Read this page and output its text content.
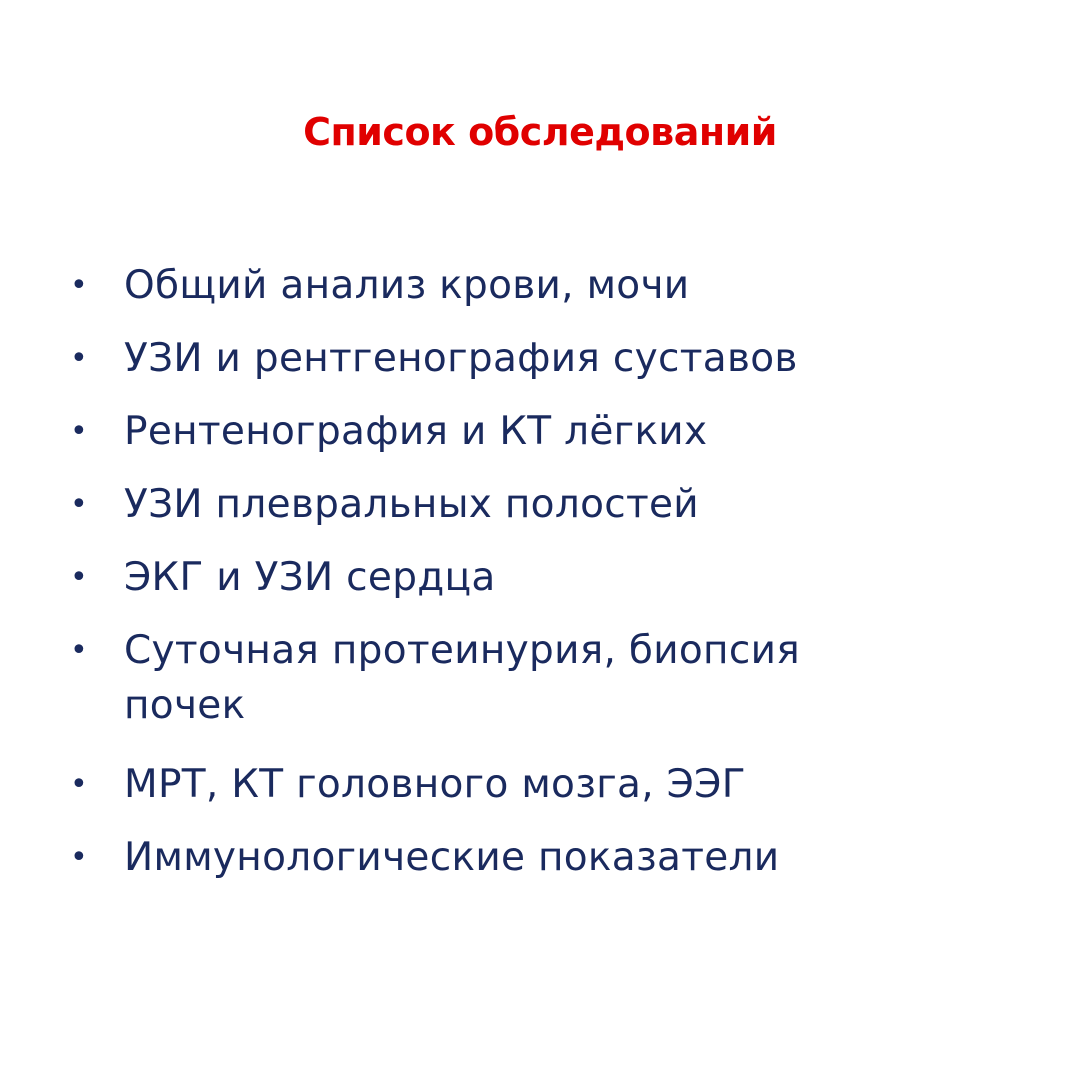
Список обследований
• Общий анализ крови, мочи
• УЗИ и рентгенография суставов
• Рентенография и КТ лёгких
• УЗИ плевральных полостей
• ЭКГ и УЗИ сердца
• Суточная протеинурия, биопсия
почек
• МРТ, КТ головного мозга, ЭЭГ
• Иммунологические показатели
